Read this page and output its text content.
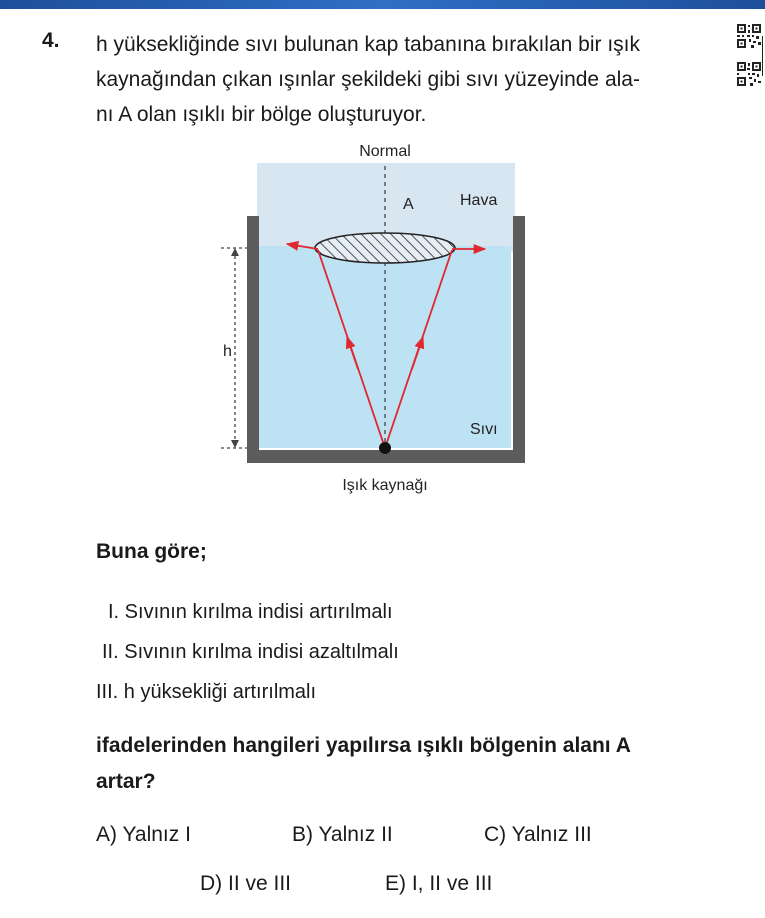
4. h yüksekliğinde sıvı bulunan kap tabanına bırakılan bir ışık
kaynağından çıkan ışınlar şekildeki gibi sıvı yüzeyinde ala-
nı A olan ışıklı bir bölge oluşturuyor.
Normal
A	Hava
Sıvı
h
Işık kaynağı
Buna göre;
I. Sıvının kırılma indisi artırılmalı
II. Sıvının kırılma indisi azaltılmalı
III. h yüksekliği artırılmalı
ifadelerinden hangileri yapılırsa ışıklı bölgenin alanı A
artar?
A) Yalnız I	B) Yalnız II	C) Yalnız III
D) II ve III	E) I, II ve III
